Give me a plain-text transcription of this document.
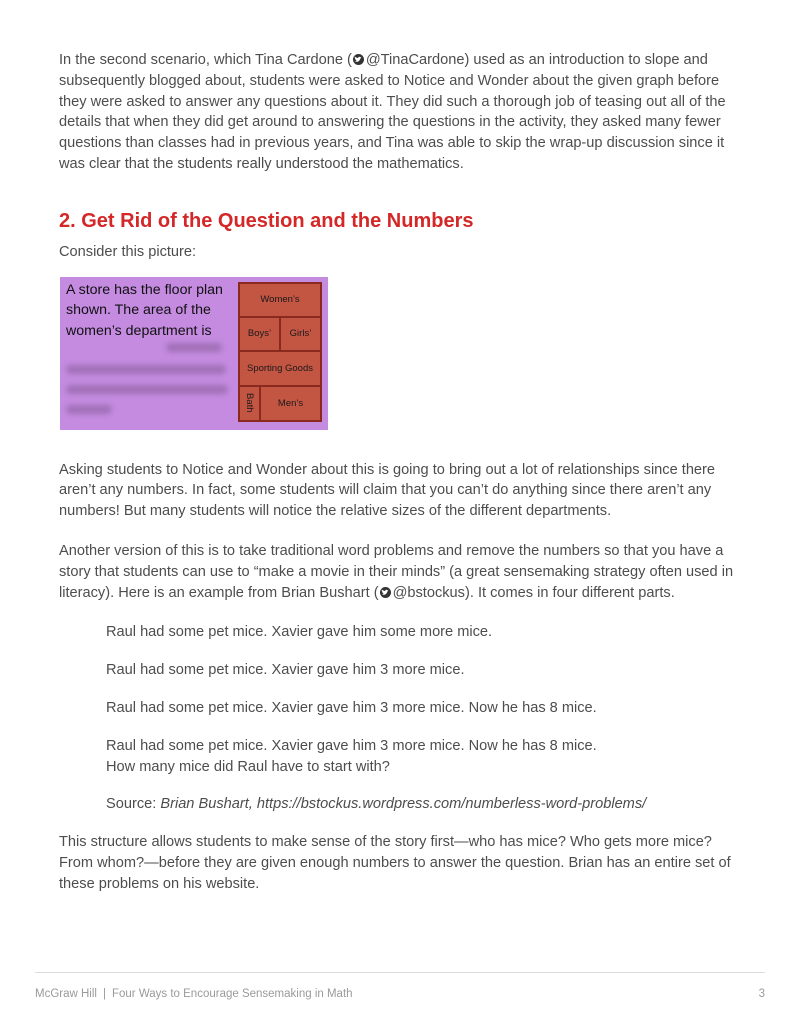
In the second scenario, which Tina Cardone ( @TinaCardone) used as an introduction to slope and subsequently blogged about, students were asked to Notice and Wonder about the given graph before they were asked to answer any questions about it. They did such a thorough job of teasing out all of the details that when they did get around to answering the questions in the activity, they asked many fewer questions than classes had in previous years, and Tina was able to skip the wrap-up discussion since it was clear that the students really understood the mathematics.

2. Get Rid of the Question and the Numbers

Consider this picture:

A store has the floor plan shown. The area of the women’s department is
Women’s
Boys’ Girls’
Sporting Goods
Bath Men’s

Asking students to Notice and Wonder about this is going to bring out a lot of relationships since there aren’t any numbers. In fact, some students will claim that you can’t do anything since there aren’t any numbers! But many students will notice the relative sizes of the different departments.

Another version of this is to take traditional word problems and remove the numbers so that you have a story that students can use to “make a movie in their minds” (a great sensemaking strategy often used in literacy). Here is an example from Brian Bushart ( @bstockus). It comes in four different parts.

Raul had some pet mice. Xavier gave him some more mice.

Raul had some pet mice. Xavier gave him 3 more mice.

Raul had some pet mice. Xavier gave him 3 more mice. Now he has 8 mice.

Raul had some pet mice. Xavier gave him 3 more mice. Now he has 8 mice.
How many mice did Raul have to start with?

Source: Brian Bushart, https://bstockus.wordpress.com/numberless-word-problems/

This structure allows students to make sense of the story first—who has mice? Who gets more mice? From whom?—before they are given enough numbers to answer the question. Brian has an entire set of these problems on his website.

McGraw Hill | Four Ways to Encourage Sensemaking in Math	3
